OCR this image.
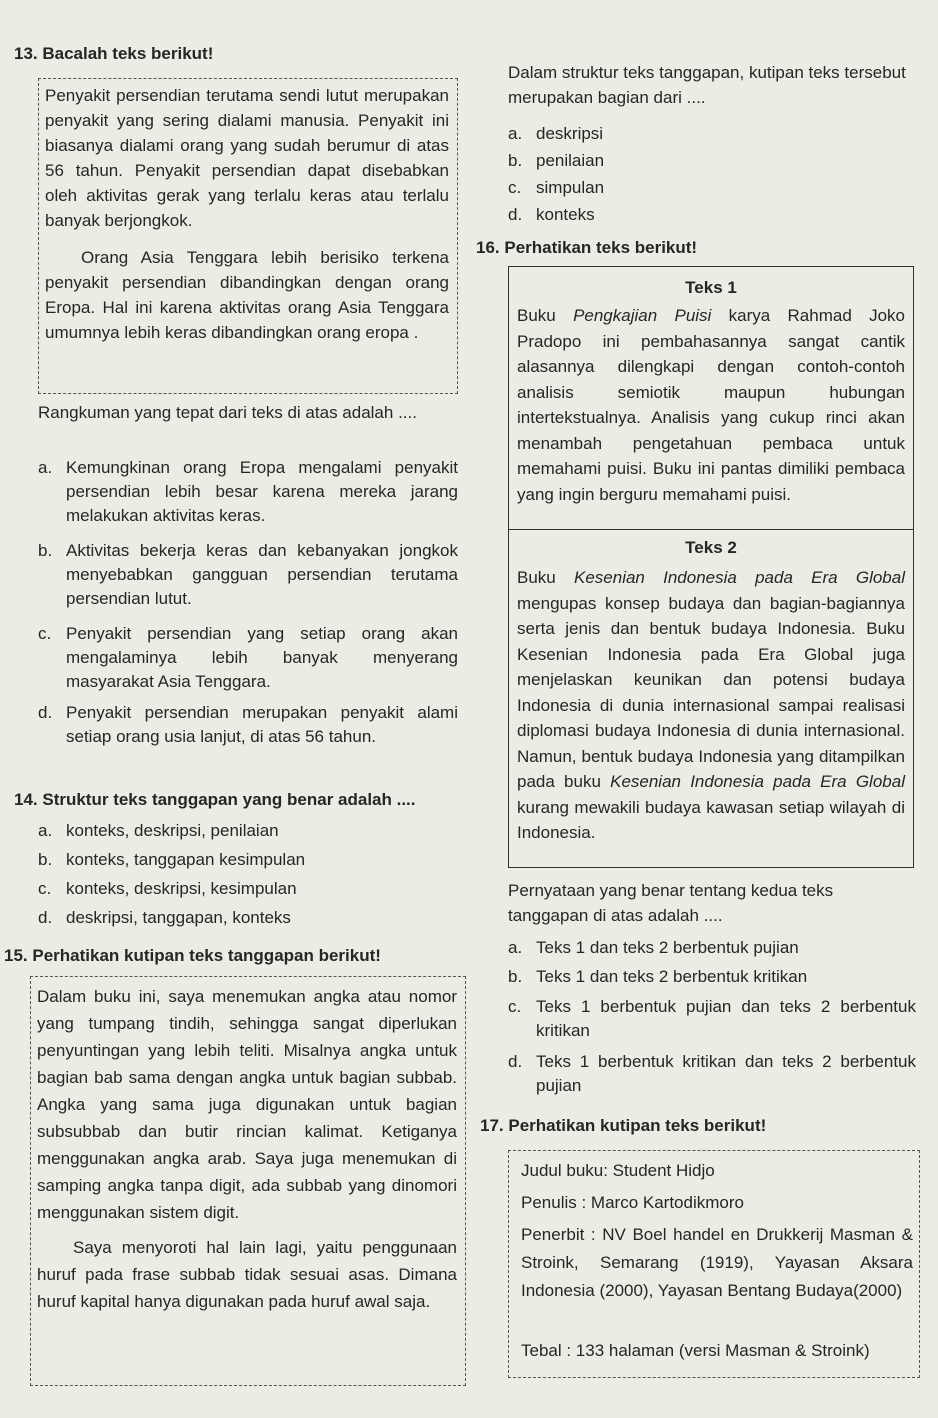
13. Bacalah teks berikut!

Penyakit persendian terutama sendi lutut merupakan penyakit yang sering dialami manusia. Penyakit ini biasanya dialami orang yang sudah berumur di atas 56 tahun. Penyakit persendian dapat disebabkan oleh aktivitas gerak yang terlalu keras atau terlalu banyak berjongkok.

Orang Asia Tenggara lebih berisiko terkena penyakit persendian dibandingkan dengan orang Eropa. Hal ini karena aktivitas orang Asia Tenggara umumnya lebih keras dibandingkan orang eropa .

Rangkuman yang tepat dari teks di atas adalah ....
a. Kemungkinan orang Eropa mengalami penyakit persendian lebih besar karena mereka jarang melakukan aktivitas keras.
b. Aktivitas bekerja keras dan kebanyakan jongkok menyebabkan gangguan persendian terutama persendian lutut.
c. Penyakit persendian yang setiap orang akan mengalaminya lebih banyak menyerang masyarakat Asia Tenggara.
d. Penyakit persendian merupakan penyakit alami setiap orang usia lanjut, di atas 56 tahun.
14. Struktur teks tanggapan yang benar adalah ....
a. konteks, deskripsi, penilaian
b. konteks, tanggapan kesimpulan
c. konteks, deskripsi, kesimpulan
d. deskripsi, tanggapan, konteks
15. Perhatikan kutipan teks tanggapan berikut!

Dalam buku ini, saya menemukan angka atau nomor yang tumpang tindih, sehingga sangat diperlukan penyuntingan yang lebih teliti. Misalnya angka untuk bagian bab sama dengan angka untuk bagian subbab. Angka yang sama juga digunakan untuk bagian subsubbab dan butir rincian kalimat. Ketiganya menggunakan angka arab. Saya juga menemukan di samping angka tanpa digit, ada subbab yang dinomori menggunakan sistem digit.

Saya menyoroti hal lain lagi, yaitu penggunaan huruf pada frase subbab tidak sesuai asas. Dimana huruf kapital hanya digunakan pada huruf awal saja.

Dalam struktur teks tanggapan, kutipan teks tersebut merupakan bagian dari ....
a. deskripsi
b. penilaian
c. simpulan
d. konteks
16. Perhatikan teks berikut!
Teks 1
Buku Pengkajian Puisi karya Rahmad Joko Pradopo ini pembahasannya sangat cantik alasannya dilengkapi dengan contoh-contoh analisis semiotik maupun hubungan intertekstualnya. Analisis yang cukup rinci akan menambah pengetahuan pembaca untuk memahami puisi. Buku ini pantas dimiliki pembaca yang ingin berguru memahami puisi.
Teks 2
Buku Kesenian Indonesia pada Era Global mengupas konsep budaya dan bagian-bagiannya serta jenis dan bentuk budaya Indonesia. Buku Kesenian Indonesia pada Era Global juga menjelaskan keunikan dan potensi budaya Indonesia di dunia internasional sampai realisasi diplomasi budaya Indonesia di dunia internasional. Namun, bentuk budaya Indonesia yang ditampilkan pada buku Kesenian Indonesia pada Era Global kurang mewakili budaya kawasan setiap wilayah di Indonesia.
Pernyataan yang benar tentang kedua teks tanggapan di atas adalah ....
a. Teks 1 dan teks 2 berbentuk pujian
b. Teks 1 dan teks 2 berbentuk kritikan
c. Teks 1 berbentuk pujian dan teks 2 berbentuk kritikan
d. Teks 1 berbentuk kritikan dan teks 2 berbentuk pujian
17. Perhatikan kutipan teks berikut!
Judul buku: Student Hidjo
Penulis : Marco Kartodikmoro
Penerbit : NV Boel handel en Drukkerij Masman & Stroink, Semarang (1919), Yayasan Aksara Indonesia (2000), Yayasan Bentang Budaya(2000)
Tebal : 133 halaman (versi Masman & Stroink)
